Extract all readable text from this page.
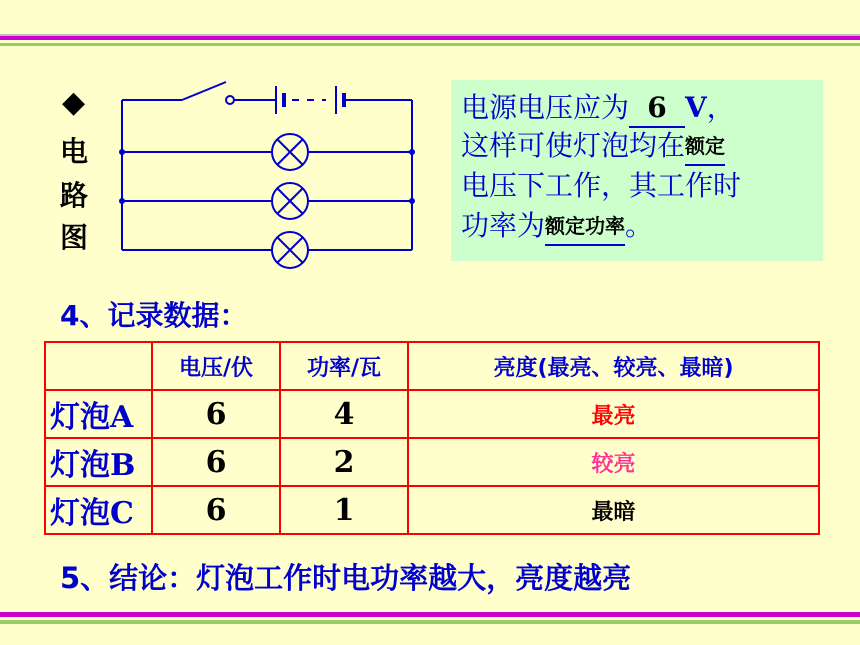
◆
电
路
图
电源电压应为 6 V，
这样可使灯泡均在额定
电压下工作，其工作时
功率为额定功率。
4、记录数据：
	电压/伏	功率/瓦	亮度(最亮、较亮、最暗)
灯泡A	6	4	最亮
灯泡B	6	2	较亮
灯泡C	6	1	最暗
5、结论：灯泡工作时电功率越大，亮度越亮
